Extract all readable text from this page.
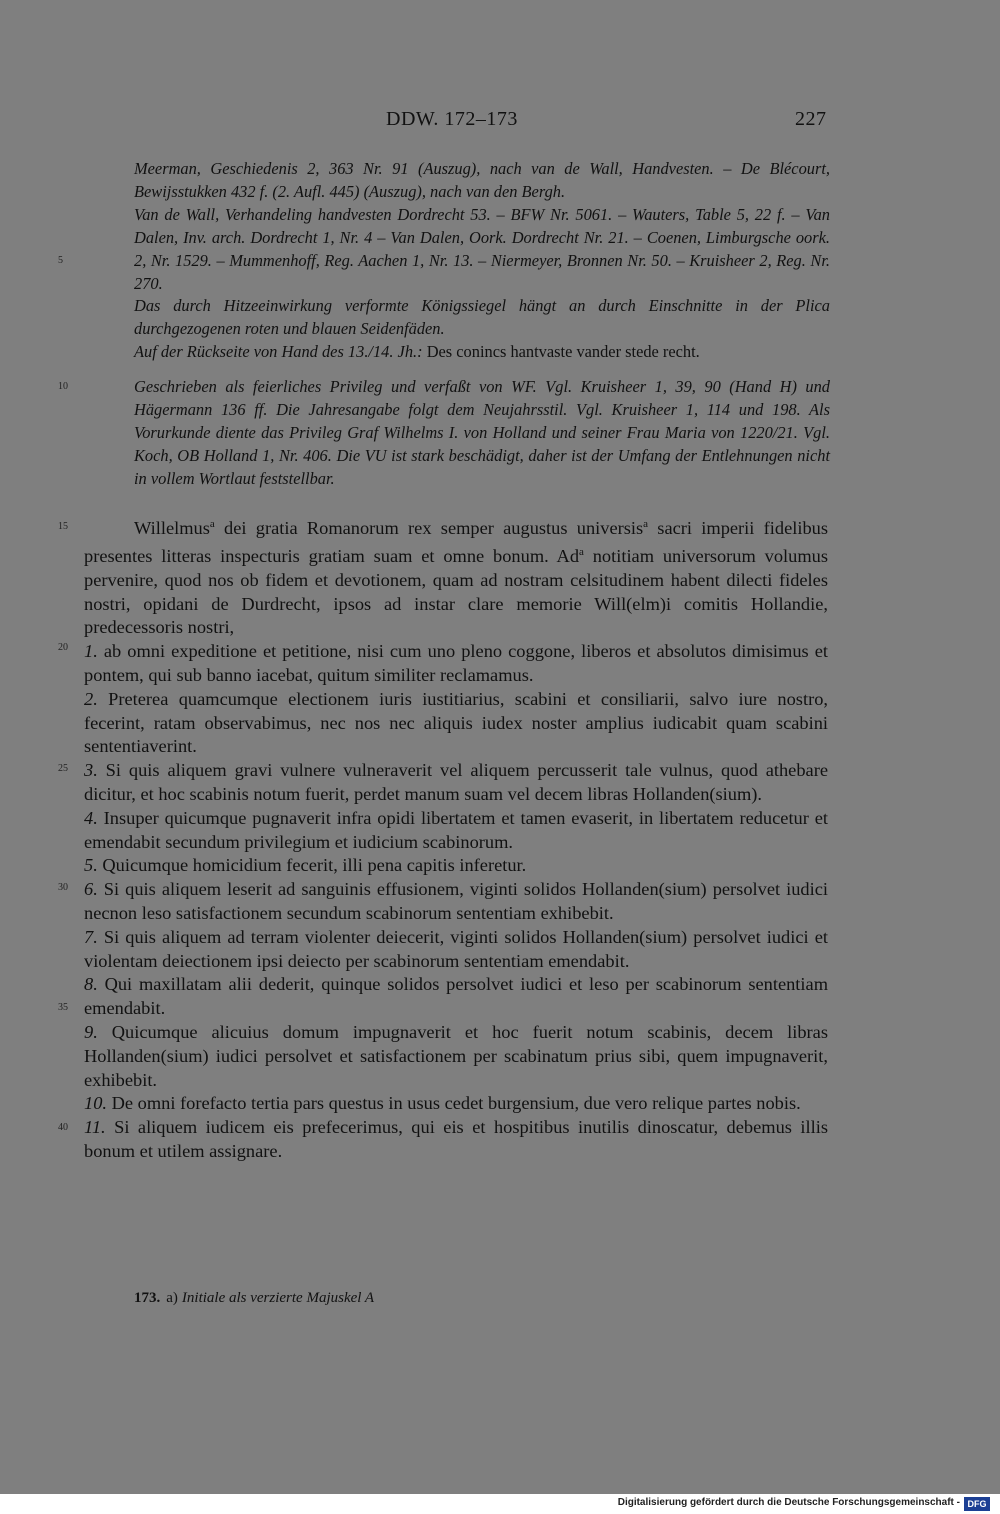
DDW. 172–173	227

Meerman, Geschiedenis 2, 363 Nr. 91 (Auszug), nach van de Wall, Handvesten. – De Blécourt, Bewijsstukken 432 f. (2. Aufl. 445) (Auszug), nach van den Bergh.

Van de Wall, Verhandeling handvesten Dordrecht 53. – BFW Nr. 5061. – Wauters, Table 5, 22 f. – Van Dalen, Inv. arch. Dordrecht 1, Nr. 4 – Van Dalen, Oork. Dordrecht Nr. 21. – Coenen, Limburgsche oork. 2, Nr. 1529. – Mummenhoff, Reg. Aachen 1, Nr. 13. – Niermeyer, Bronnen Nr. 50. – Kruisheer 2, Reg. Nr. 270.

Das durch Hitzeeinwirkung verformte Königssiegel hängt an durch Einschnitte in der Plica durchgezogenen roten und blauen Seidenfäden.

Auf der Rückseite von Hand des 13./14. Jh.: Des conincs hantvaste vander stede recht.

Geschrieben als feierliches Privileg und verfaßt von WF. Vgl. Kruisheer 1, 39, 90 (Hand H) und Hägermann 136 ff. Die Jahresangabe folgt dem Neujahrsstil. Vgl. Kruisheer 1, 114 und 198. Als Vorurkunde diente das Privileg Graf Wilhelms I. von Holland und seiner Frau Maria von 1220/21. Vgl. Koch, OB Holland 1, Nr. 406. Die VU ist stark beschädigt, daher ist der Umfang der Entlehnungen nicht in vollem Wortlaut feststellbar.
5
10
15
20
25
30
35
40

Willelmus$^a$ dei gratia Romanorum rex semper augustus universis$^a$ sacri imperii fidelibus presentes litteras inspecturis gratiam suam et omne bonum. Ad$^a$ notitiam universorum volumus pervenire, quod nos ob fidem et devotionem, quam ad nostram celsitudinem habent dilecti fideles nostri, opidani de Durdrecht, ipsos ad instar clare memorie Will(elm)i comitis Hollandie, predecessoris nostri,

1. ab omni expeditione et petitione, nisi cum uno pleno coggone, liberos et absolutos dimisimus et pontem, qui sub banno iacebat, quitum similiter reclamamus.

2. Preterea quamcumque electionem iuris iustitiarius, scabini et consiliarii, salvo iure nostro, fecerint, ratam observabimus, nec nos nec aliquis iudex noster amplius iudicabit quam scabini sententiaverint.

3. Si quis aliquem gravi vulnere vulneraverit vel aliquem percusserit tale vulnus, quod athebare dicitur, et hoc scabinis notum fuerit, perdet manum suam vel decem libras Hollanden(sium).

4. Insuper quicumque pugnaverit infra opidi libertatem et tamen evaserit, in libertatem reducetur et emendabit secundum privilegium et iudicium scabinorum.

5. Quicumque homicidium fecerit, illi pena capitis inferetur.

6. Si quis aliquem leserit ad sanguinis effusionem, viginti solidos Hollanden(sium) persolvet iudici necnon leso satisfactionem secundum scabinorum sententiam exhibebit.

7. Si quis aliquem ad terram violenter deiecerit, viginti solidos Hollanden(sium) persolvet iudici et violentam deiectionem ipsi deiecto per scabinorum sententiam emendabit.

8. Qui maxillatam alii dederit, quinque solidos persolvet iudici et leso per scabinorum sententiam emendabit.

9. Quicumque alicuius domum impugnaverit et hoc fuerit notum scabinis, decem libras Hollanden(sium) iudici persolvet et satisfactionem per scabinatum prius sibi, quem impugnaverit, exhibebit.

10. De omni forefacto tertia pars questus in usus cedet burgensium, due vero relique partes nobis.

11. Si aliquem iudicem eis prefecerimus, qui eis et hospitibus inutilis dinoscatur, debemus illis bonum et utilem assignare.

173. a) Initiale als verzierte Majuskel A
Digitalisierung gefördert durch die Deutsche Forschungsgemeinschaft - DFG
